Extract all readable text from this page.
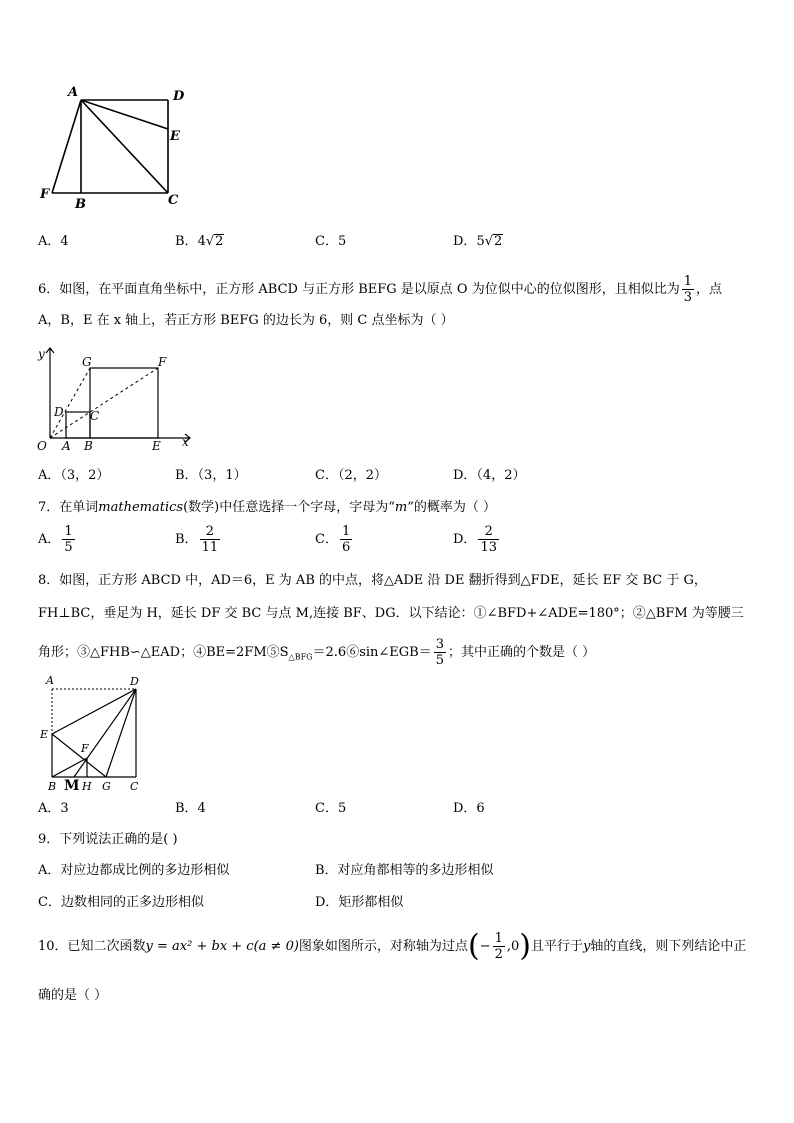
A	D
E
F
B	C
A．4	B．4√2	C．5	D．5√2
6．如图，在平面直角坐标中，正方形 ABCD 与正方形 BEFG 是以原点 O 为位似中心的位似图形，且相似比为 $\frac{1}{3}$ ，点
A，B，E 在 x 轴上，若正方形 BEFG 的边长为 6，则 C 点坐标为（ ）
y
G	F
D C
O A B	E x
A．（3，2）	B．（3，1）	C．（2，2）	D．（4，2）
7．在单词mathematics(数学)中任意选择一个字母，字母为“m”的概率为（ ）
A． $\frac{1}{5}$	B． $\frac{2}{11}$	C． $\frac{1}{6}$	D． $\frac{2}{13}$
8．如图，正方形 ABCD 中，AD＝6，E 为 AB 的中点，将△ADE 沿 DE 翻折得到△FDE，延长 EF 交 BC 于 G，
FH⊥BC，垂足为 H，延长 DF 交 BC 与点 M,连接 BF、DG．以下结论：①∠BFD+∠ADE=180°；②△BFM 为等腰三
角形；③△FHB∽△EAD；$④BE=2FM⑤S_{\triangle BFG}=2.6⑥\sin\angle EGB= \frac{3}{5}$ ；其中正确的个数是（ ）
A	D
E
F
B M H G C
A．3	B．4	C．5	D．6
9．下列说法正确的是( )
A．对应边都成比例的多边形相似	B．对应角都相等的多边形相似
C．边数相同的正多边形相似	D．矩形都相似
10．已知二次函数y = ax² + bx + c(a ≠ 0)图象如图所示，对称轴为过点(− $\frac{1}{2} ,0$)且平行于y轴的直线，则下列结论中正
确的是（ ）
